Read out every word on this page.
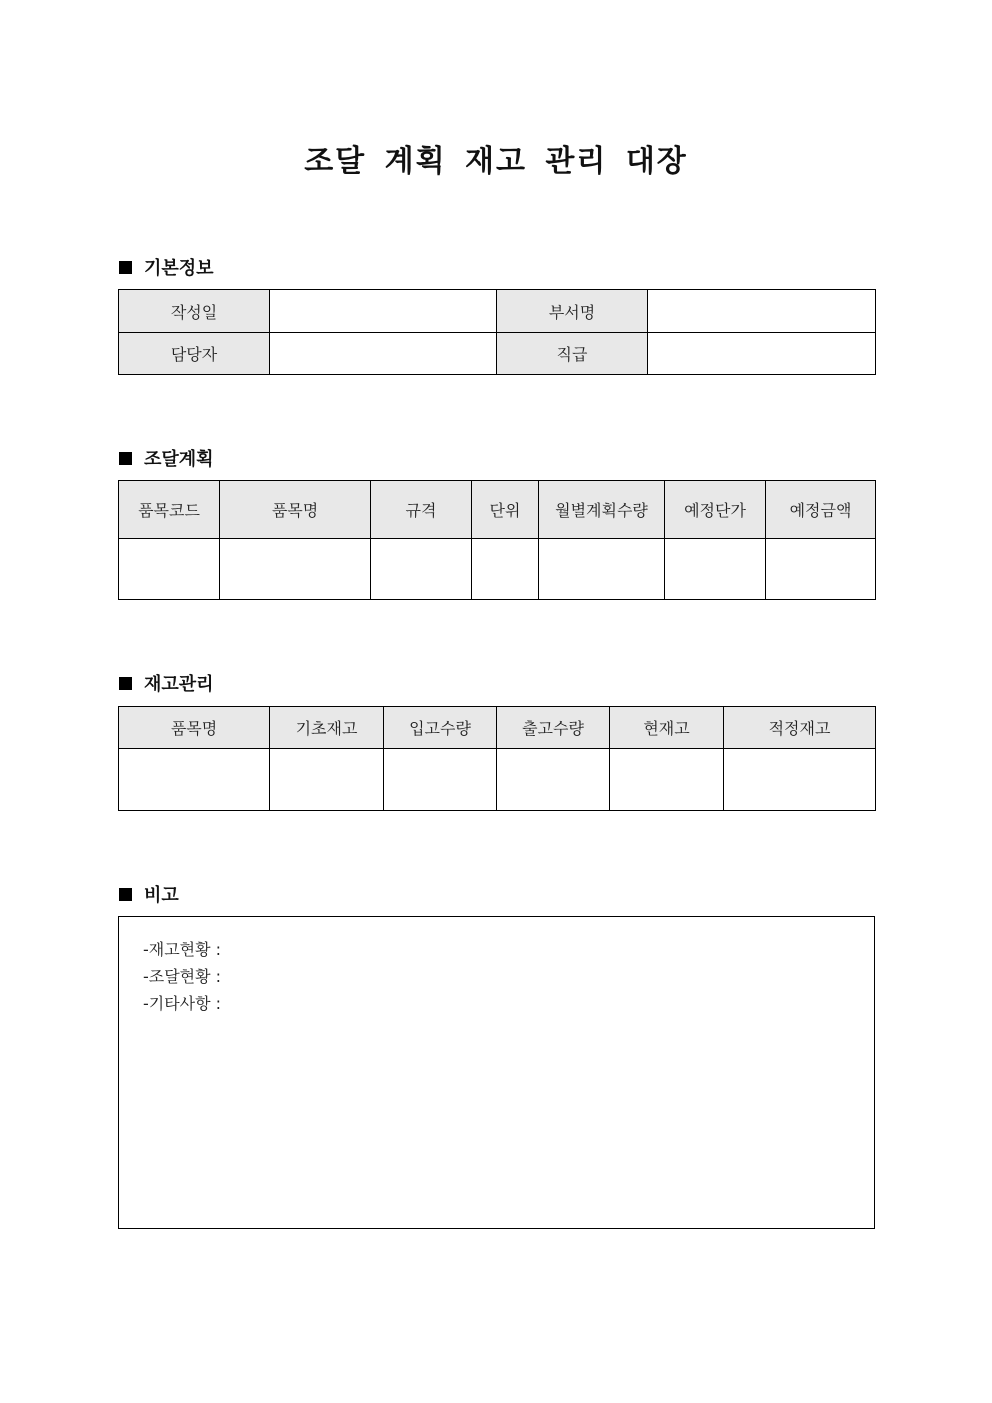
조달 계획 재고 관리 대장
기본정보
작성일		부서명	
담당자		직급	
조달계획
품목코드	품목명	규격	단위	월별계획수량	예정단가	예정금액

재고관리
품목명	기초재고	입고수량	출고수량	현재고	적정재고

비고
-재고현황 :
-조달현황 :
-기타사항 :
